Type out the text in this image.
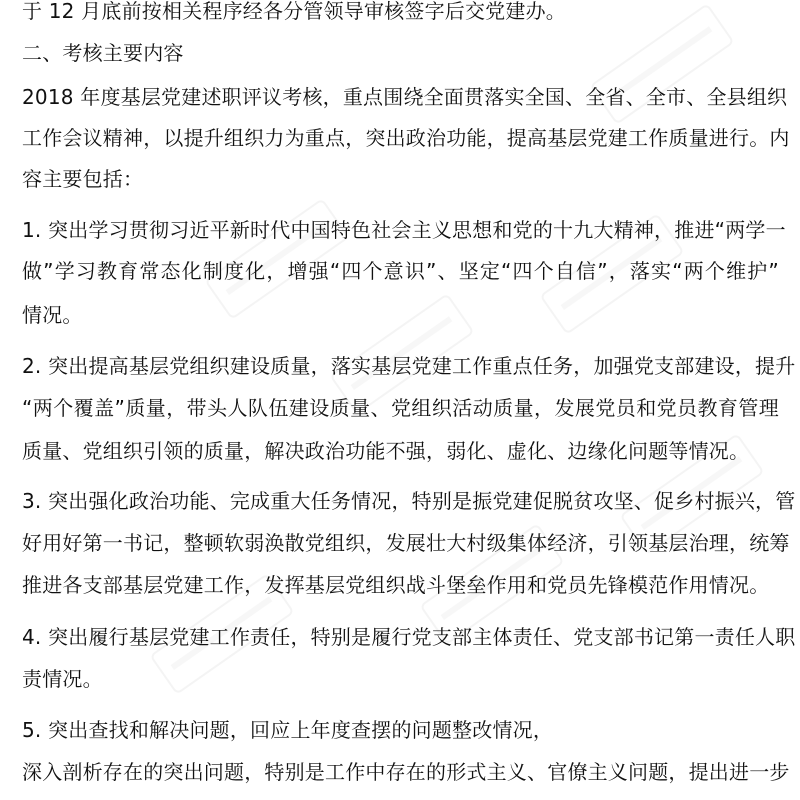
于 12 月底前按相关程序经各分管领导审核签字后交党建办。
二、考核主要内容
2018 年度基层党建述职评议考核，重点围绕全面贯落实全国、全省、全市、全县组织
工作会议精神，以提升组织力为重点，突出政治功能，提高基层党建工作质量进行。内
容主要包括：
1. 突出学习贯彻习近平新时代中国特色社会主义思想和党的十九大精神，推进“两学一
做”学习教育常态化制度化，增强“四个意识”、坚定“四个自信”，落实“两个维护”
情况。
2. 突出提高基层党组织建设质量，落实基层党建工作重点任务，加强党支部建设，提升
“两个覆盖”质量，带头人队伍建设质量、党组织活动质量，发展党员和党员教育管理
质量、党组织引领的质量，解决政治功能不强，弱化、虚化、边缘化问题等情况。
3. 突出强化政治功能、完成重大任务情况，特别是振党建促脱贫攻坚、促乡村振兴，管
好用好第一书记，整顿软弱涣散党组织，发展壮大村级集体经济，引领基层治理，统筹
推进各支部基层党建工作，发挥基层党组织战斗堡垒作用和党员先锋模范作用情况。
4. 突出履行基层党建工作责任，特别是履行党支部主体责任、党支部书记第一责任人职
责情况。
5. 突出查找和解决问题，回应上年度查摆的问题整改情况，
深入剖析存在的突出问题，特别是工作中存在的形式主义、官僚主义问题，提出进一步
